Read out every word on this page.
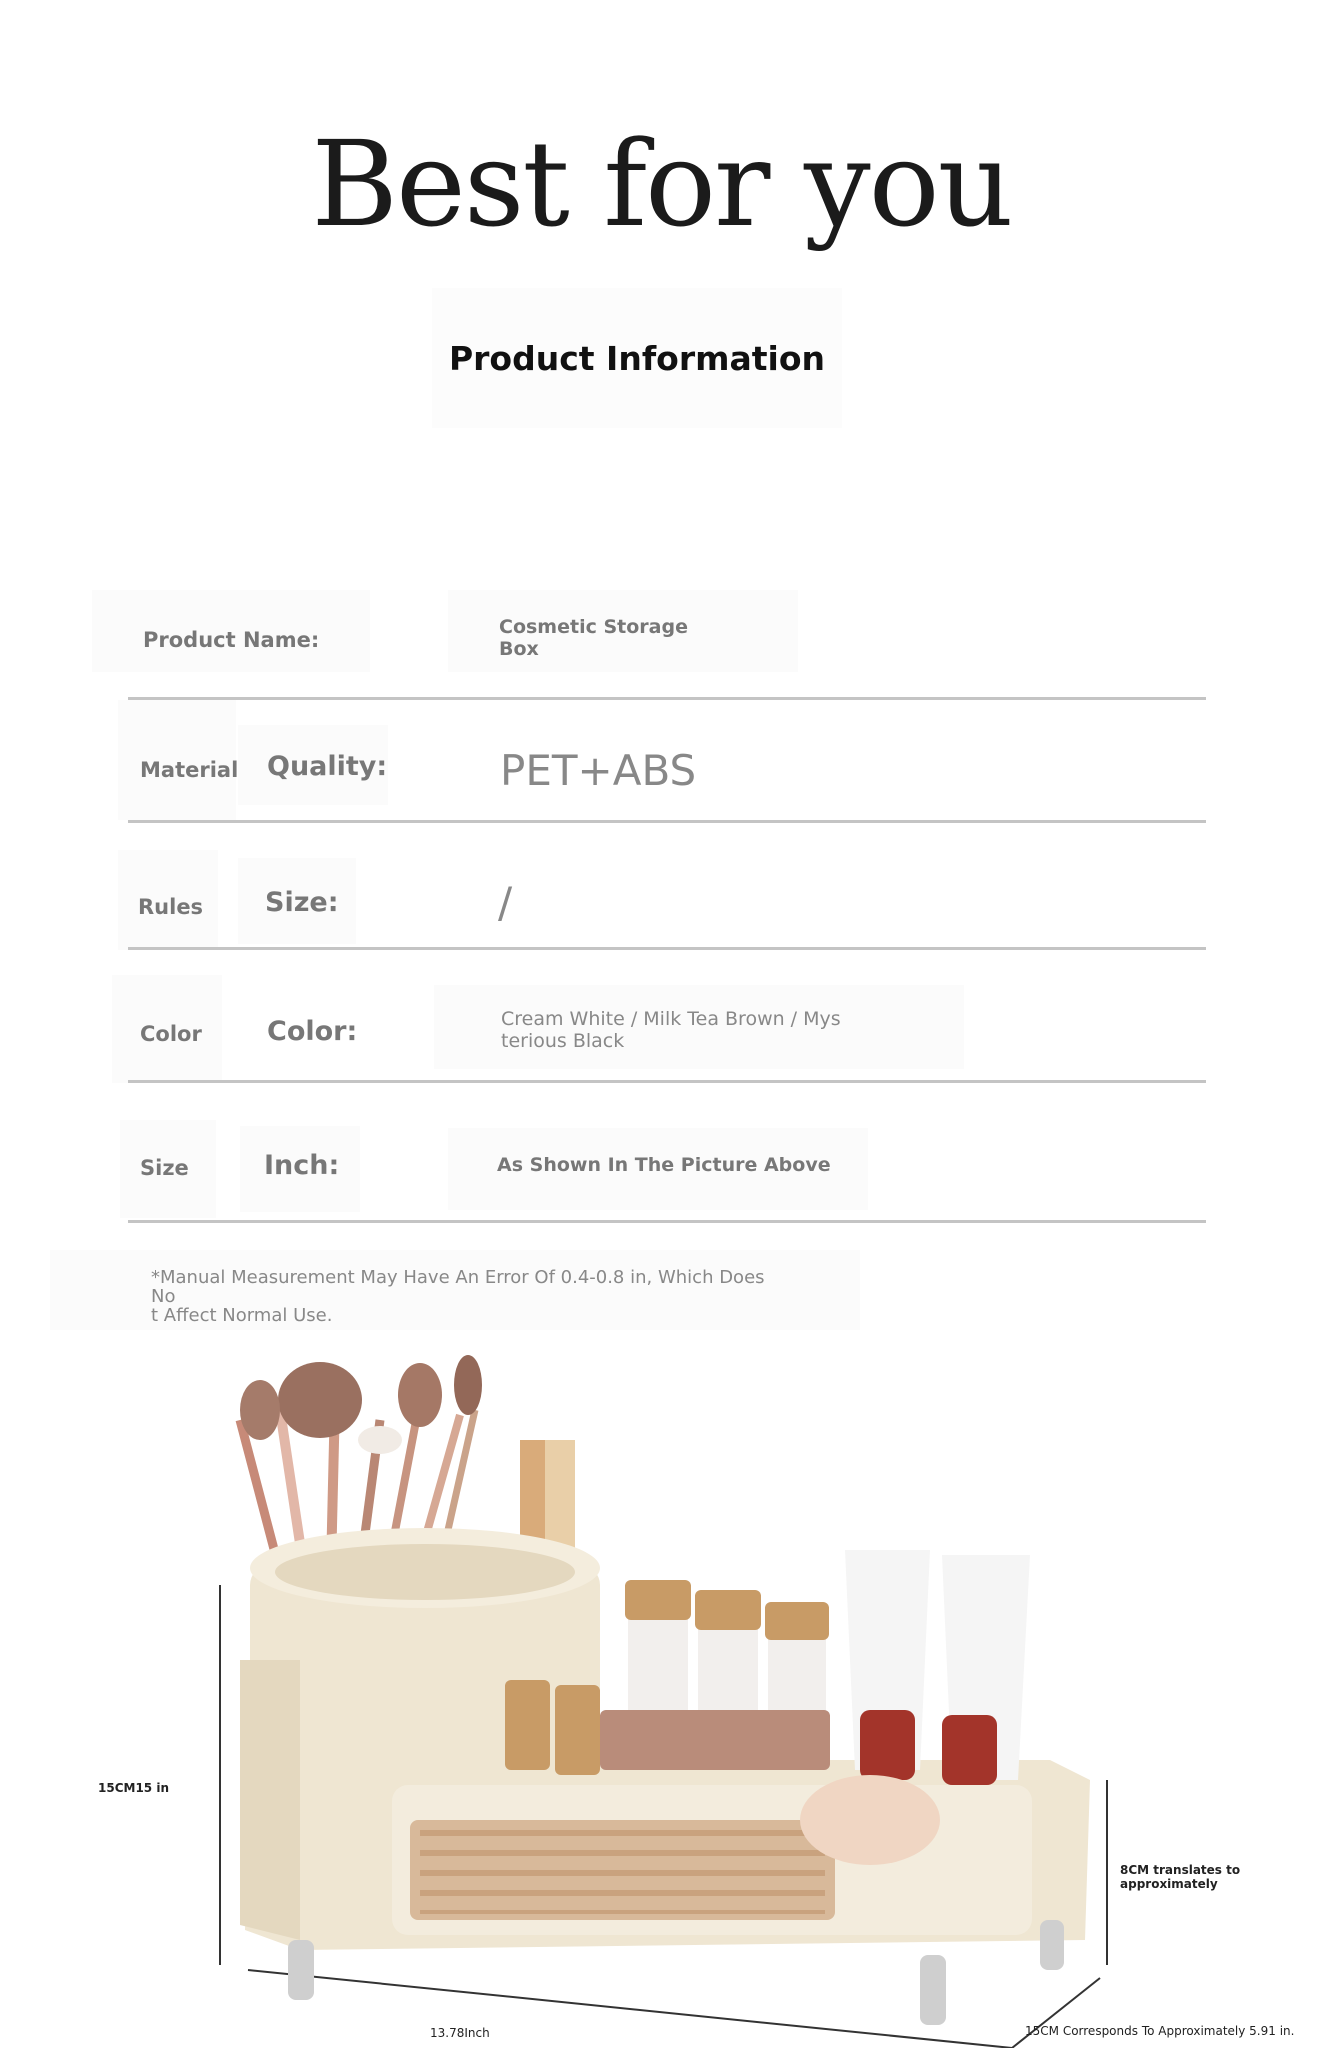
Best for you
Product Information
Product Name:
Cosmetic Storage
Box
Material Quality:	PET+ABS
Rules Size:	/
Color Color:	Cream White / Milk Tea Brown / Mys
terious Black
Size	Inch:	As Shown In The Picture Above
*Manual Measurement May Have An Error Of 0.4-0.8 in, Which Does No
t Affect Normal Use.
15CM15 in
8CM translates to approximately
13.78Inch	15CM Corresponds To Approximately 5.91 in.
